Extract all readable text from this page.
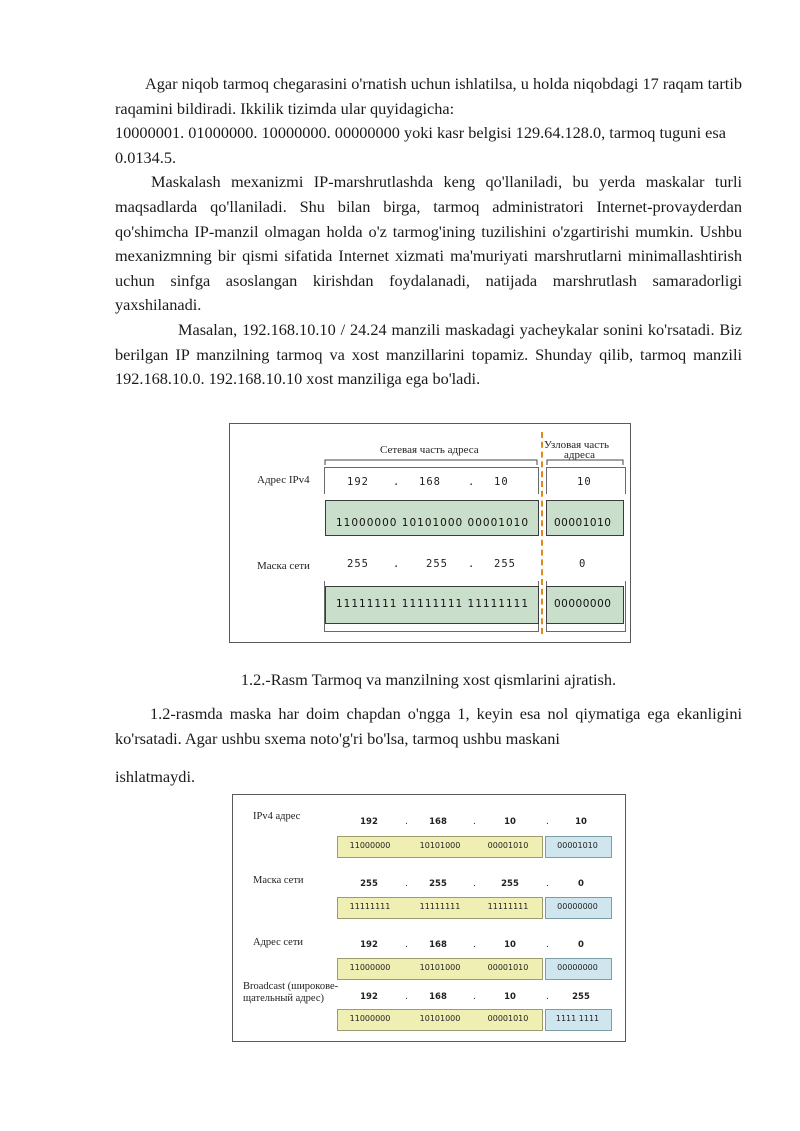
Agar niqob tarmoq chegarasini o'rnatish uchun ishlatilsa, u holda niqobdagi 17 raqam tartib raqamini bildiradi. Ikkilik tizimda ular quyidagicha:

10000001. 01000000. 10000000. 00000000 yoki kasr belgisi 129.64.128.0, tarmoq tuguni esa 0.0134.5.

Maskalash mexanizmi IP-marshrutlashda keng qo'llaniladi, bu yerda maskalar turli maqsadlarda qo'llaniladi. Shu bilan birga, tarmoq administratori Internet-provayderdan qo'shimcha IP-manzil olmagan holda o'z tarmog'ining tuzilishini o'zgartirishi mumkin. Ushbu mexanizmning bir qismi sifatida Internet xizmati ma'muriyati marshrutlarni minimallashtirish uchun sinfga asoslangan kirishdan foydalanadi, natijada marshrutlash samaradorligi yaxshilanadi.

Masalan, 192.168.10.10 / 24.24 manzili maskadagi yacheykalar sonini ko'rsatadi. Biz berilgan IP manzilning tarmoq va xost manzillarini topamiz. Shunday qilib, tarmoq manzili 192.168.10.0. 192.168.10.10 xost manziliga ega bo'ladi.

Сетевая часть адреса	Узловая часть
адреса
Адрес IPv4	192 . 168	. 10	10
11000000 10101000 00001010 00001010
Маска сети	255 . 255 . 255	0
11111111 11111111 11111111 00000000
1.2.-Rasm Tarmoq va manzilning xost qismlarini ajratish.

1.2-rasmda maska har doim chapdan o'ngga 1, keyin esa nol qiymatiga ega ekanligini ko'rsatadi. Agar ushbu sxema noto'g'ri bo'lsa, tarmoq ushbu maskani

ishlatmaydi.

IPv4 адрес	192	.	168	.	10	.	10
11000000	10101000	00001010	00001010
Маска сети	255	.	255	.	255	.	0
11111111	11111111	11111111	00000000
Адрес сети	192	.	168	.	10	.	0
11000000	10101000	00001010	00000000
Broadcast (широкове-
щательный адрес)	192	.	168	.	10	.	255
11000000	10101000	00001010	1111 1111
